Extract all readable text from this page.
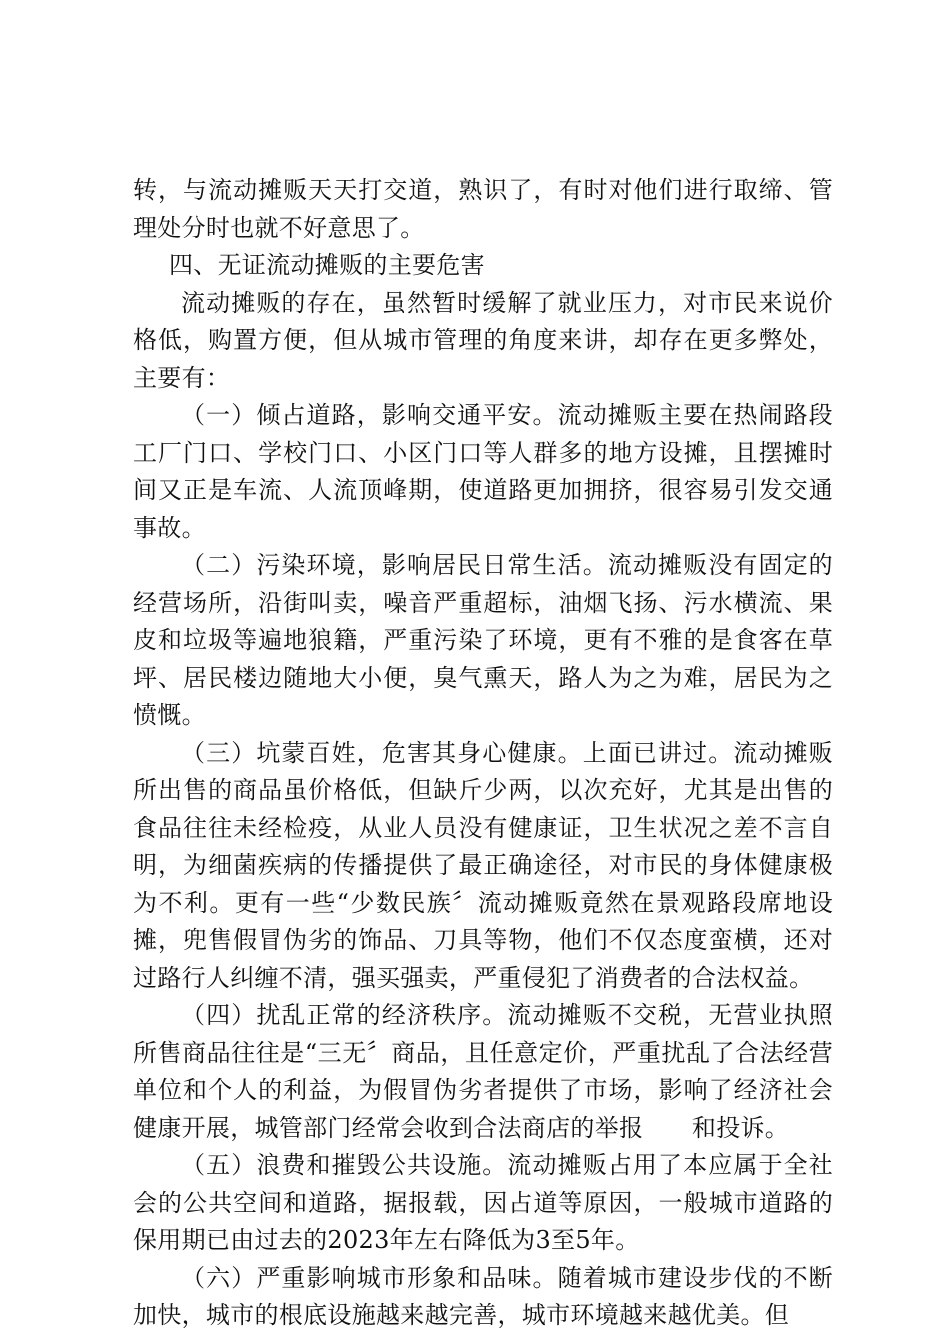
转，与流动摊贩天天打交道，熟识了，有时对他们进行取缔、管理处分时也就不好意思了。

四、无证流动摊贩的主要危害

流动摊贩的存在，虽然暂时缓解了就业压力，对市民来说价格低，购置方便，但从城市管理的角度来讲，却存在更多弊处，主要有：

（一）倾占道路，影响交通平安。流动摊贩主要在热闹路段工厂门口、学校门口、小区门口等人群多的地方设摊，且摆摊时间又正是车流、人流顶峰期，使道路更加拥挤，很容易引发交通事故。

（二）污染环境，影响居民日常生活。流动摊贩没有固定的经营场所，沿街叫卖，噪音严重超标，油烟飞扬、污水横流、果皮和垃圾等遍地狼籍，严重污染了环境，更有不雅的是食客在草坪、居民楼边随地大小便，臭气熏天，路人为之为难，居民为之愤慨。

（三）坑蒙百姓，危害其身心健康。上面已讲过。流动摊贩所出售的商品虽价格低，但缺斤少两，以次充好，尤其是出售的食品往往未经检疫，从业人员没有健康证，卫生状况之差不言自明，为细菌疾病的传播提供了最正确途径，对市民的身体健康极为不利。更有一些“少数民族〞流动摊贩竟然在景观路段席地设摊，兜售假冒伪劣的饰品、刀具等物，他们不仅态度蛮横，还对过路行人纠缠不清，强买强卖，严重侵犯了消费者的合法权益。

（四）扰乱正常的经济秩序。流动摊贩不交税，无营业执照所售商品往往是“三无〞商品，且任意定价，严重扰乱了合法经营单位和个人的利益，为假冒伪劣者提供了市场，影响了经济社会健康开展，城管部门经常会收到合法商店的举报　　和投诉。

（五）浪费和摧毁公共设施。流动摊贩占用了本应属于全社会的公共空间和道路，据报载，因占道等原因，一般城市道路的保用期已由过去的2023年左右降低为3至5年。

（六）严重影响城市形象和品味。随着城市建设步伐的不断加快，城市的根底设施越来越完善，城市环境越来越优美。但
